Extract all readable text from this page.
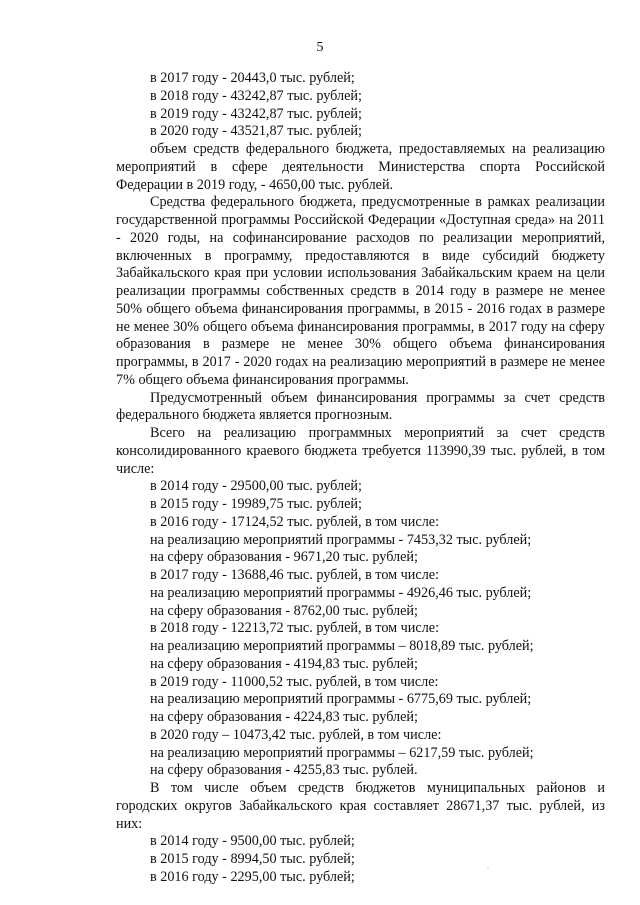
5
в 2017 году - 20443,0 тыс. рублей;
в 2018 году - 43242,87 тыс. рублей;
в 2019 году - 43242,87 тыс. рублей;
в 2020 году - 43521,87 тыс. рублей;
объем средств федерального бюджета, предоставляемых на реализацию мероприятий в сфере деятельности Министерства спорта Российской Федерации в 2019 году, - 4650,00 тыс. рублей.
Средства федерального бюджета, предусмотренные в рамках реализации государственной программы Российской Федерации «Доступная среда» на 2011 - 2020 годы, на софинансирование расходов по реализации мероприятий, включенных в программу, предоставляются в виде субсидий бюджету Забайкальского края при условии использования Забайкальским краем на цели реализации программы собственных средств в 2014 году в размере не менее 50% общего объема финансирования программы, в 2015 - 2016 годах в размере не менее 30% общего объема финансирования программы, в 2017 году на сферу образования в размере не менее 30% общего объема финансирования программы, в 2017 - 2020 годах на реализацию мероприятий в размере не менее 7% общего объема финансирования программы.
Предусмотренный объем финансирования программы за счет средств федерального бюджета является прогнозным.
Всего на реализацию программных мероприятий за счет средств консолидированного краевого бюджета требуется 113990,39 тыс. рублей, в том числе:
в 2014 году - 29500,00 тыс. рублей;
в 2015 году - 19989,75 тыс. рублей;
в 2016 году - 17124,52 тыс. рублей, в том числе:
на реализацию мероприятий программы - 7453,32 тыс. рублей;
на сферу образования - 9671,20 тыс. рублей;
в 2017 году - 13688,46 тыс. рублей, в том числе:
на реализацию мероприятий программы - 4926,46 тыс. рублей;
на сферу образования - 8762,00 тыс. рублей;
в 2018 году - 12213,72 тыс. рублей, в том числе:
на реализацию мероприятий программы – 8018,89 тыс. рублей;
на сферу образования - 4194,83 тыс. рублей;
в 2019 году - 11000,52 тыс. рублей, в том числе:
на реализацию мероприятий программы - 6775,69 тыс. рублей;
на сферу образования - 4224,83 тыс. рублей;
в 2020 году – 10473,42 тыс. рублей, в том числе:
на реализацию мероприятий программы – 6217,59 тыс. рублей;
на сферу образования - 4255,83 тыс. рублей.
В том числе объем средств бюджетов муниципальных районов и городских округов Забайкальского края составляет 28671,37 тыс. рублей, из них:
в 2014 году - 9500,00 тыс. рублей;
в 2015 году - 8994,50 тыс. рублей;
в 2016 году - 2295,00 тыс. рублей;
.
